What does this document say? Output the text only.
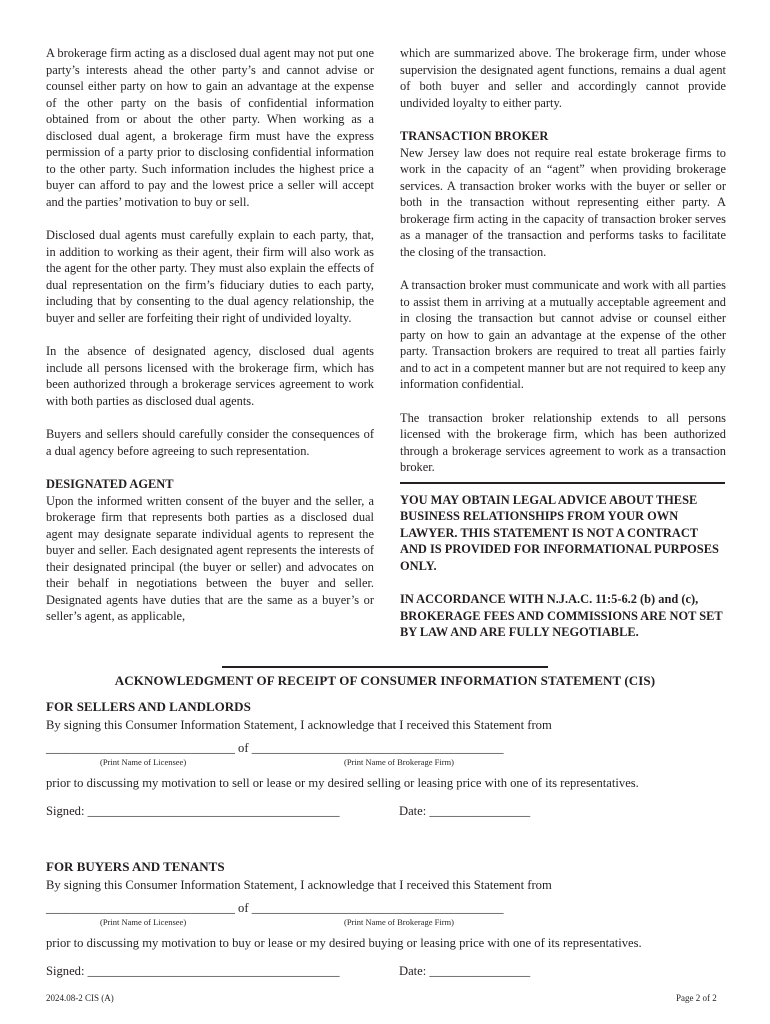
A brokerage firm acting as a disclosed dual agent may not put one party’s interests ahead the other party’s and cannot advise or counsel either party on how to gain an advantage at the expense of the other party on the basis of confidential information obtained from or about the other party. When working as a disclosed dual agent, a brokerage firm must have the express permission of a party prior to disclosing confidential information to the other party. Such information includes the highest price a buyer can afford to pay and the lowest price a seller will accept and the parties’ motivation to buy or sell.

Disclosed dual agents must carefully explain to each party, that, in addition to working as their agent, their firm will also work as the agent for the other party. They must also explain the effects of dual representation on the firm’s fiduciary duties to each party, including that by consenting to the dual agency relationship, the buyer and seller are forfeiting their right of undivided loyalty.

In the absence of designated agency, disclosed dual agents include all persons licensed with the brokerage firm, which has been authorized through a brokerage services agreement to work with both parties as disclosed dual agents.

Buyers and sellers should carefully consider the consequences of a dual agency before agreeing to such representation.

DESIGNATED AGENT

Upon the informed written consent of the buyer and the seller, a brokerage firm that represents both parties as a disclosed dual agent may designate separate individual agents to represent the buyer and seller. Each designated agent represents the interests of their designated principal (the buyer or seller) and advocates on their behalf in negotiations between the buyer and seller. Designated agents have duties that are the same as a buyer’s or seller’s agent, as applicable,

which are summarized above. The brokerage firm, under whose supervision the designated agent functions, remains a dual agent of both buyer and seller and accordingly cannot provide undivided loyalty to either party.

TRANSACTION BROKER

New Jersey law does not require real estate brokerage firms to work in the capacity of an “agent” when providing brokerage services. A transaction broker works with the buyer or seller or both in the transaction without representing either party. A brokerage firm acting in the capacity of transaction broker serves as a manager of the transaction and performs tasks to facilitate the closing of the transaction.

A transaction broker must communicate and work with all parties to assist them in arriving at a mutually acceptable agreement and in closing the transaction but cannot advise or counsel either party on how to gain an advantage at the expense of the other party. Transaction brokers are required to treat all parties fairly and to act in a competent manner but are not required to keep any information confidential.

The transaction broker relationship extends to all persons licensed with the brokerage firm, which has been authorized through a brokerage services agreement to work as a transaction broker.

YOU MAY OBTAIN LEGAL ADVICE ABOUT THESE BUSINESS RELATIONSHIPS FROM YOUR OWN LAWYER. THIS STATEMENT IS NOT A CONTRACT AND IS PROVIDED FOR INFORMATIONAL PURPOSES ONLY.

IN ACCORDANCE WITH N.J.A.C. 11:5-6.2 (b) and (c), BROKERAGE FEES AND COMMISSIONS ARE NOT SET BY LAW AND ARE FULLY NEGOTIABLE.

ACKNOWLEDGMENT OF RECEIPT OF CONSUMER INFORMATION STATEMENT (CIS)
FOR SELLERS AND LANDLORDS
By signing this Consumer Information Statement, I acknowledge that I received this Statement from
______________________________ of ________________________________________
(Print Name of Licensee)	(Print Name of Brokerage Firm)
prior to discussing my motivation to sell or lease or my desired selling or leasing price with one of its representatives.
Signed: ________________________________________	Date: ________________
FOR BUYERS AND TENANTS
By signing this Consumer Information Statement, I acknowledge that I received this Statement from
______________________________ of ________________________________________
(Print Name of Licensee)	(Print Name of Brokerage Firm)
prior to discussing my motivation to buy or lease or my desired buying or leasing price with one of its representatives.
Signed: ________________________________________	Date: ________________
2024.08-2 CIS (A)	Page 2 of 2
